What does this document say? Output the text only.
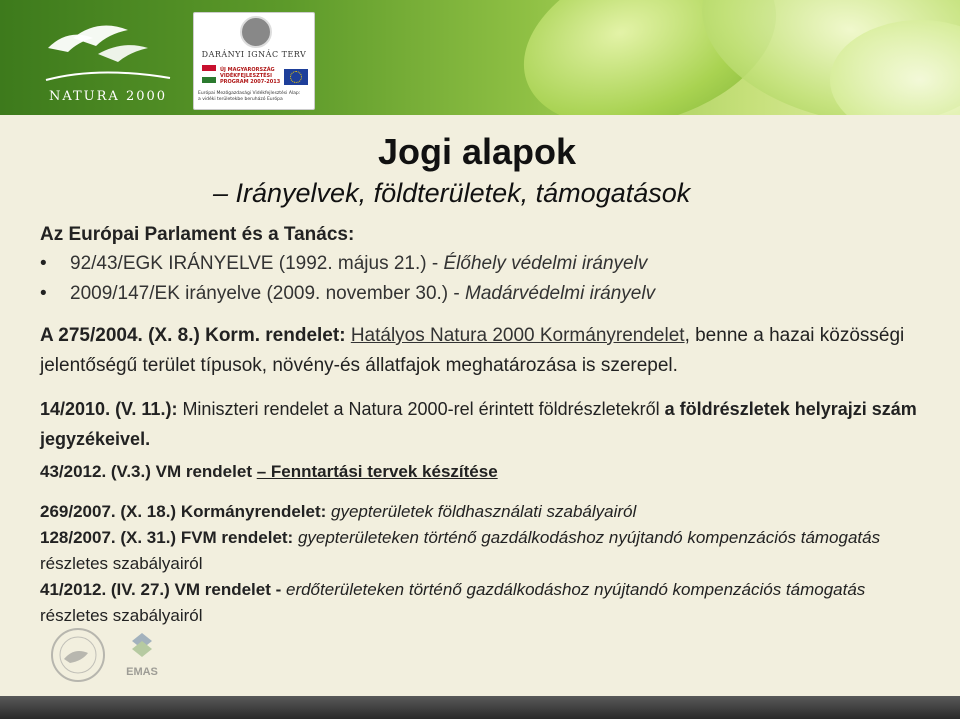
NATURA 2000
DARÁNYI IGNÁC TERV
ÚJ MAGYARORSZÁG VIDÉKFEJLESZTÉSI PROGRAM 2007-2013
Európai Mezőgazdasági Vidékfejlesztési Alap:
a vidéki területekbe beruházó Európa
Jogi alapok
– Irányelvek, földterületek, támogatások
Az Európai Parlament és a Tanács:
• 92/43/EGK IRÁNYELVE (1992. május 21.) - Élőhely védelmi irányelv
• 2009/147/EK irányelve (2009. november 30.) - Madárvédelmi irányelv
A 275/2004. (X. 8.) Korm. rendelet: Hatályos Natura 2000 Kormányrendelet, benne a hazai közösségi jelentőségű terület típusok, növény-és állatfajok meghatározása is szerepel.
14/2010. (V. 11.): Miniszteri rendelet a Natura 2000-rel érintett földrészletekről a földrészletek helyrajzi szám jegyzékeivel.
43/2012. (V.3.) VM rendelet – Fenntartási tervek készítése
269/2007. (X. 18.) Kormányrendelet: gyepterületek földhasználati szabályairól
128/2007. (X. 31.) FVM rendelet: gyepterületeken történő gazdálkodáshoz nyújtandó kompenzációs támogatás részletes szabályairól
41/2012. (IV. 27.) VM rendelet - erdőterületeken történő gazdálkodáshoz nyújtandó kompenzációs támogatás részletes szabályairól
EMAS
